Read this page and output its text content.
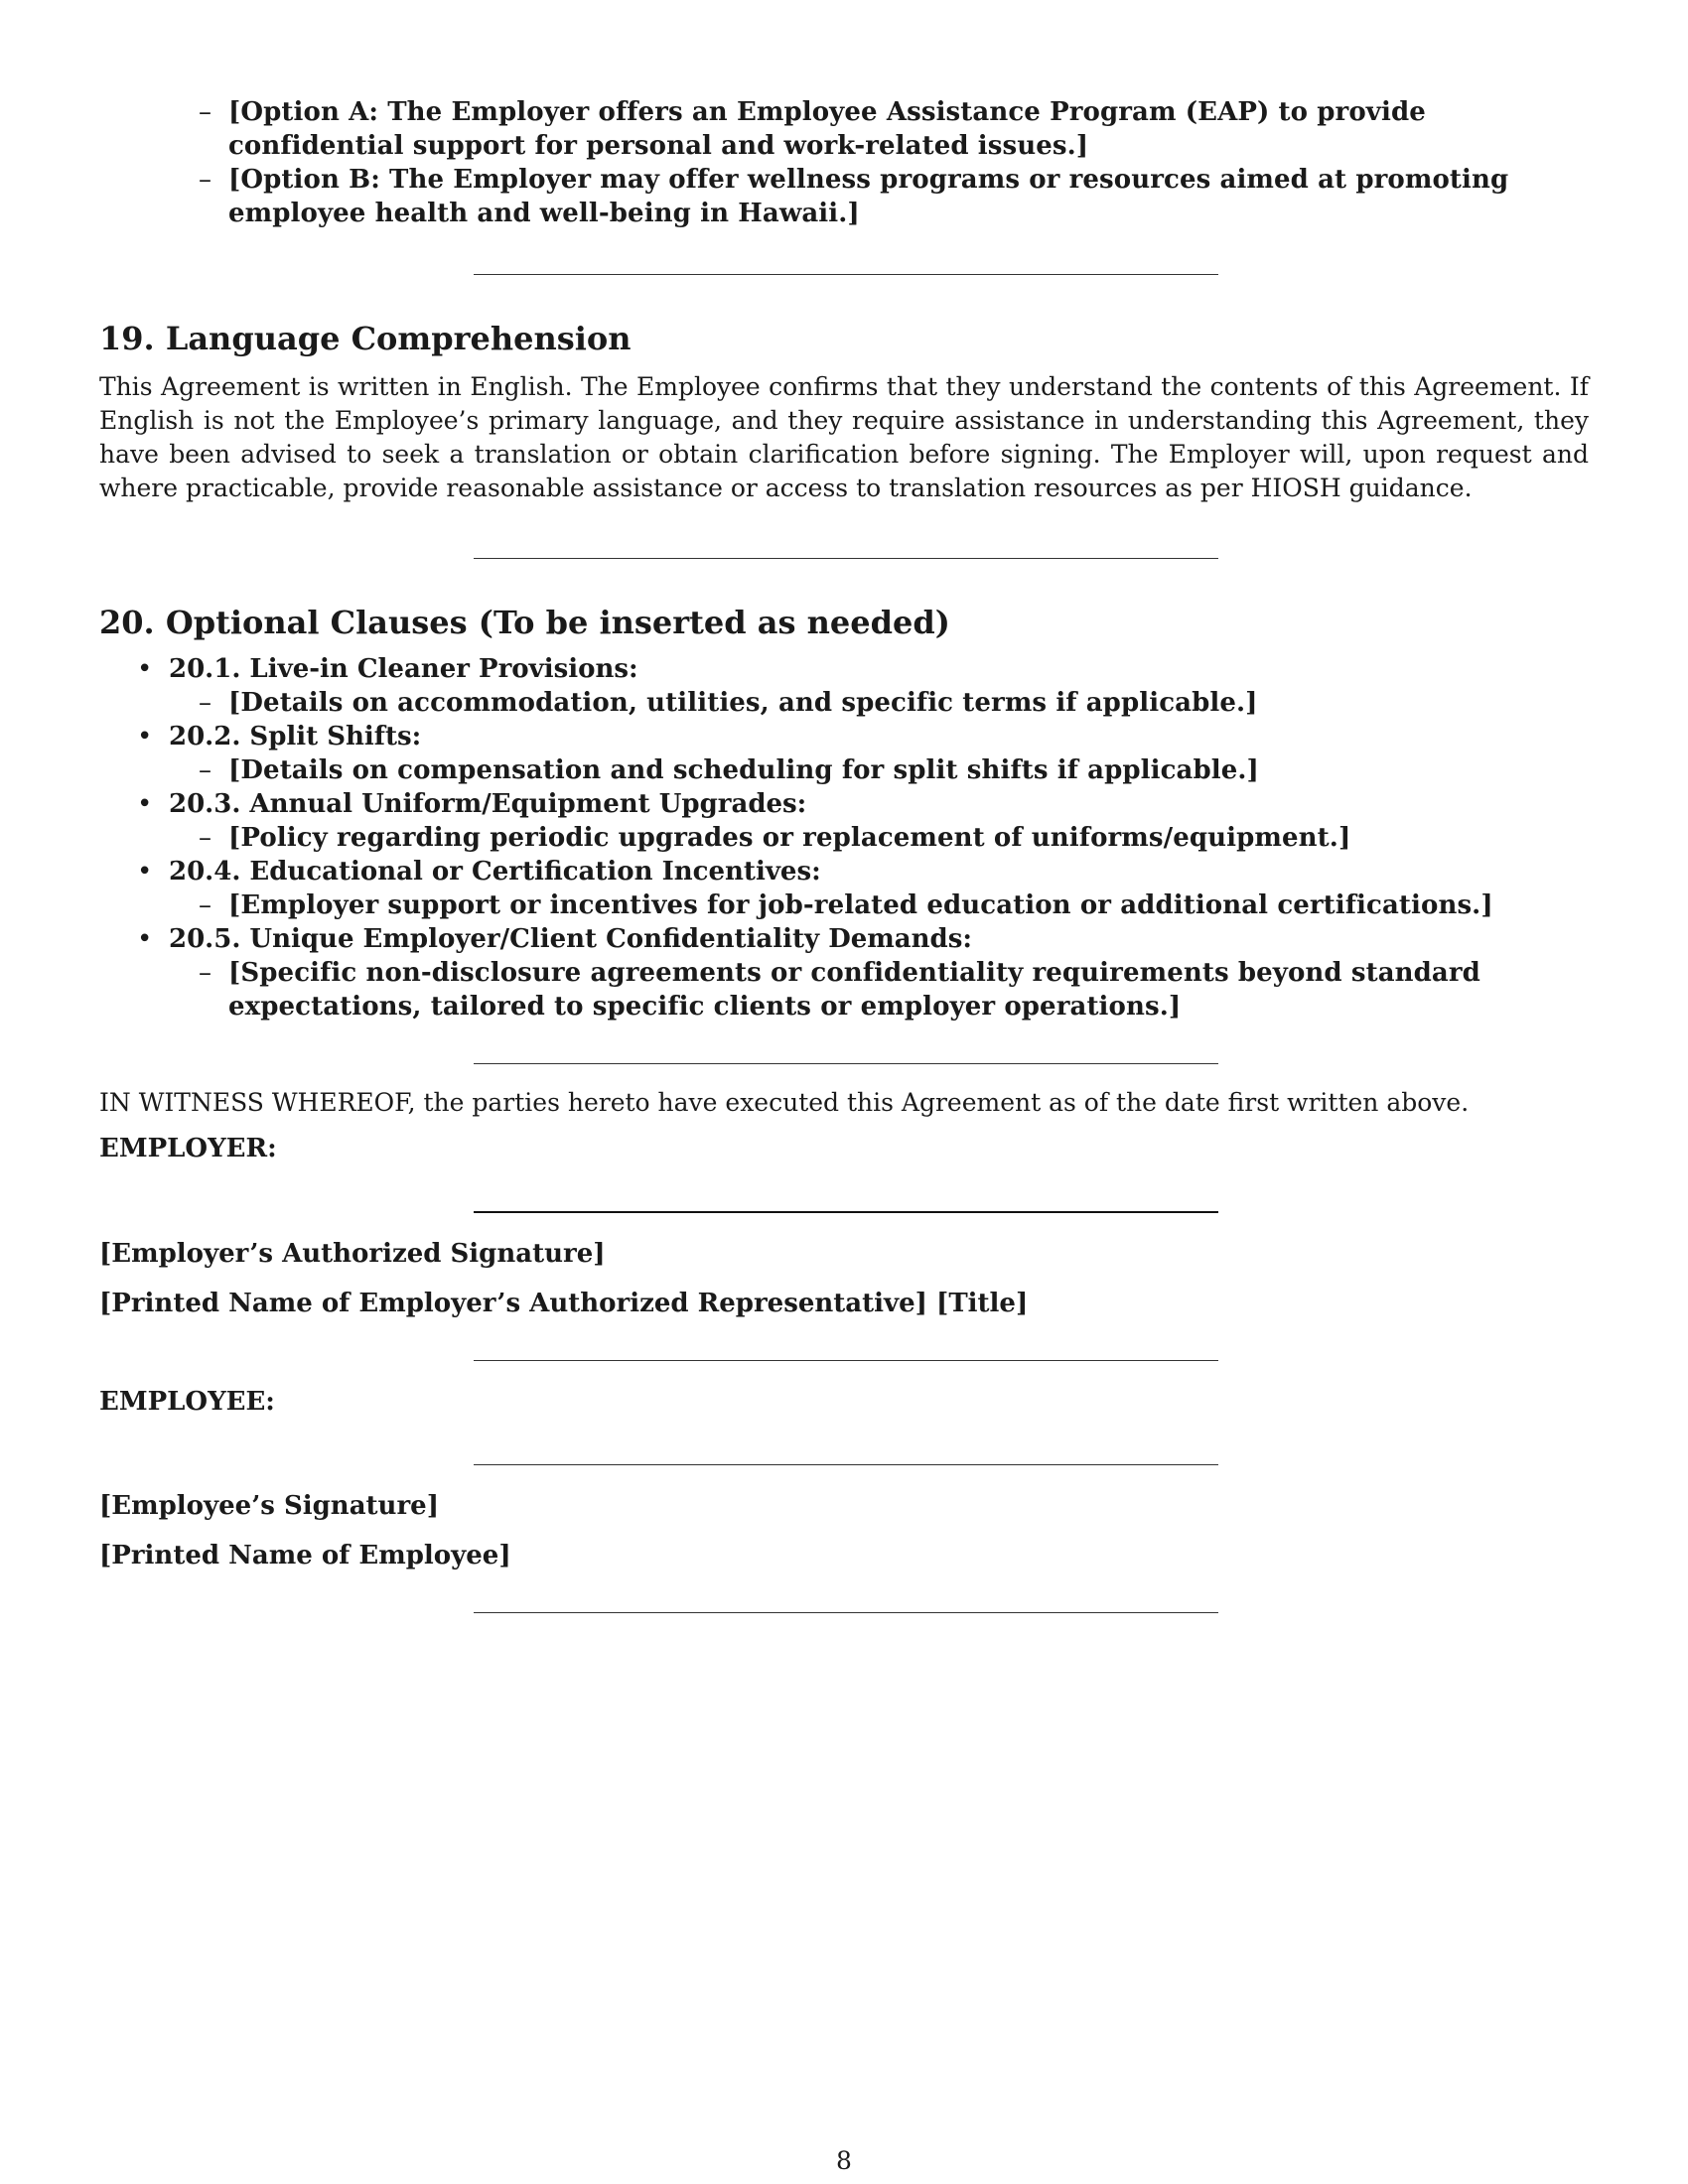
– [Option A: The Employer offers an Employee Assistance Program (EAP) to provide confidential support for personal and work-related issues.]
– [Option B: The Employer may offer wellness programs or resources aimed at promoting employee health and well-being in Hawaii.]
19. Language Comprehension

This Agreement is written in English. The Employee confirms that they understand the contents of this Agreement. If English is not the Employee’s primary language, and they require assistance in understanding this Agreement, they have been advised to seek a translation or obtain clarification before signing. The Employer will, upon request and where practicable, provide reasonable assistance or access to translation resources as per HIOSH guidance.

20. Optional Clauses (To be inserted as needed)
• 20.1. Live-in Cleaner Provisions:
– [Details on accommodation, utilities, and specific terms if applicable.]
• 20.2. Split Shifts:
– [Details on compensation and scheduling for split shifts if applicable.]
• 20.3. Annual Uniform/Equipment Upgrades:
– [Policy regarding periodic upgrades or replacement of uniforms/equipment.]
• 20.4. Educational or Certification Incentives:
– [Employer support or incentives for job-related education or additional certifications.]
• 20.5. Unique Employer/Client Confidentiality Demands:
– [Specific non-disclosure agreements or confidentiality requirements beyond standard expectations, tailored to specific clients or employer operations.]

IN WITNESS WHEREOF, the parties hereto have executed this Agreement as of the date first written above.

EMPLOYER:

[Employer’s Authorized Signature]

[Printed Name of Employer’s Authorized Representative] [Title]

EMPLOYEE:

[Employee’s Signature]

[Printed Name of Employee]

8
